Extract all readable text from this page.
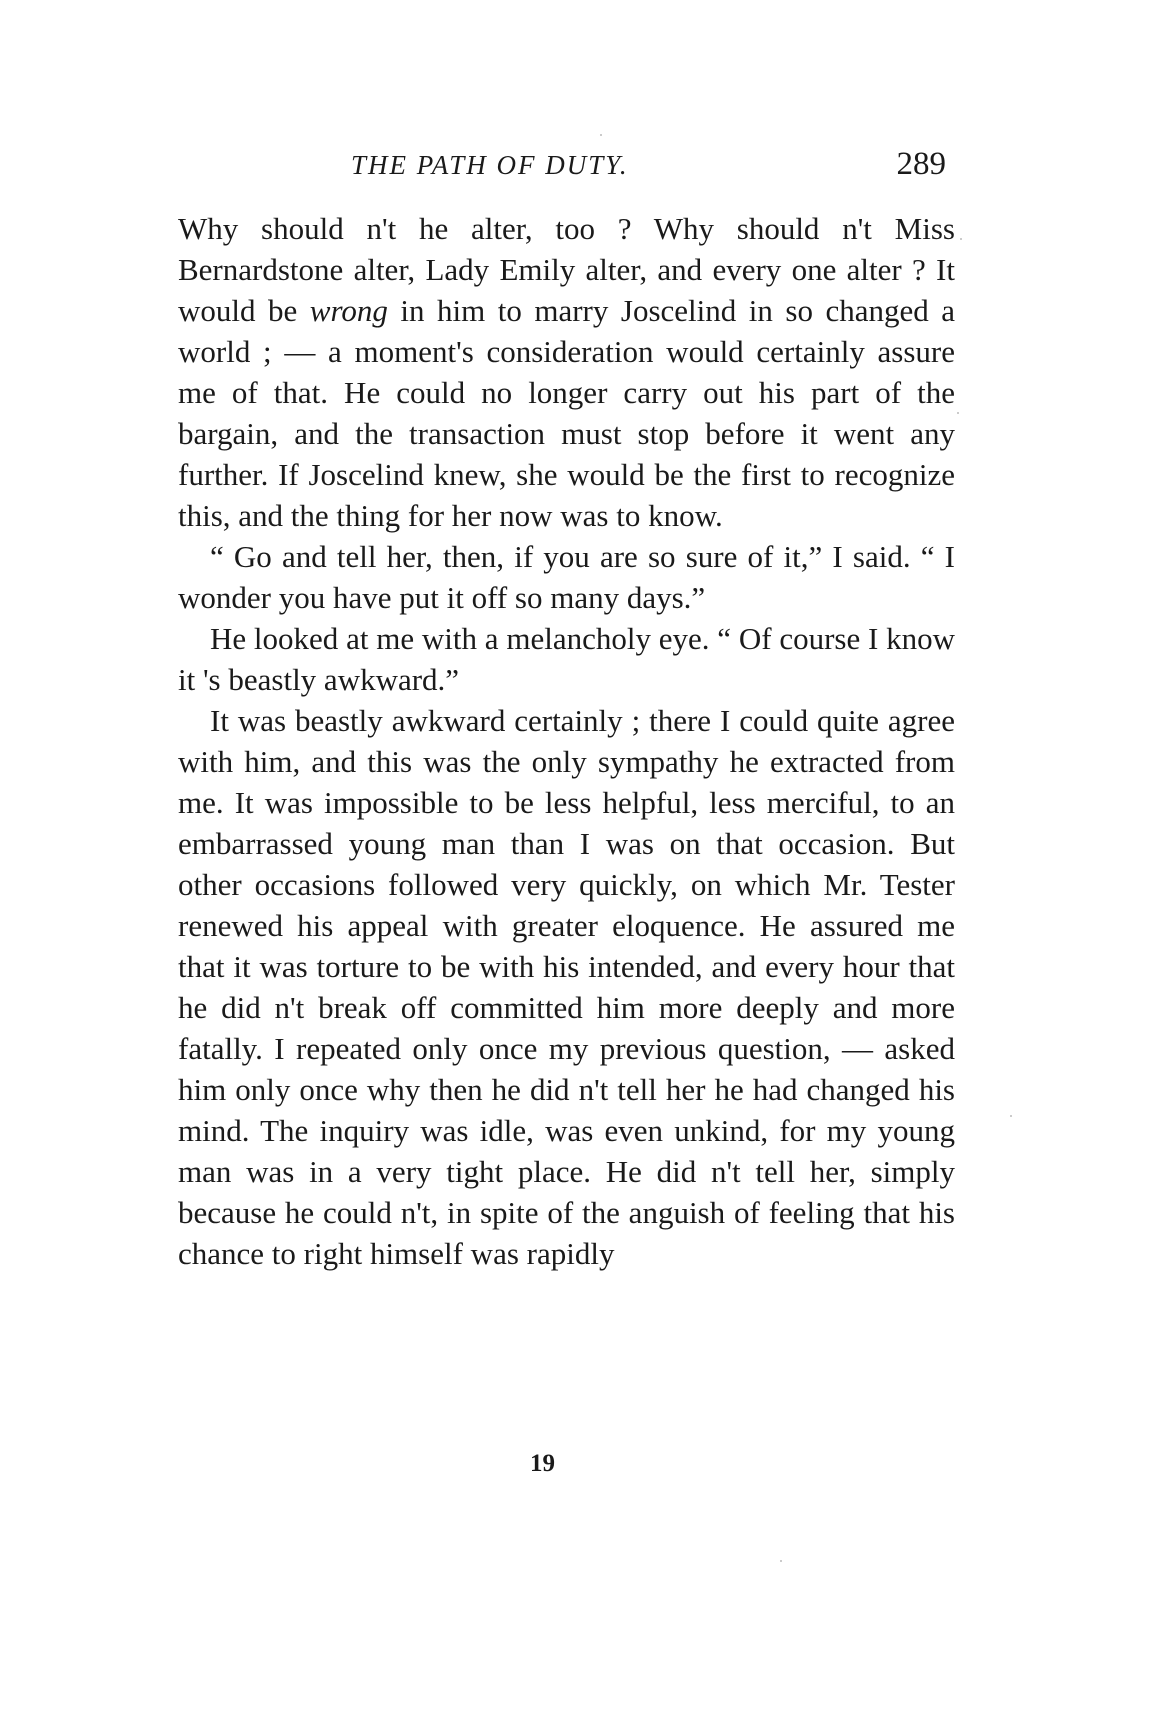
THE PATH OF DUTY.	289

Why should n't he alter, too ? Why should n't Miss Bernardstone alter, Lady Emily alter, and every one alter ? It would be wrong in him to marry Joscelind in so changed a world ; — a moment's consideration would certainly assure me of that. He could no longer carry out his part of the bargain, and the transaction must stop before it went any further. If Joscelind knew, she would be the first to recognize this, and the thing for her now was to know.

“ Go and tell her, then, if you are so sure of it,” I said. “ I wonder you have put it off so many days.”

He looked at me with a melancholy eye. “ Of course I know it 's beastly awkward.”

It was beastly awkward certainly ; there I could quite agree with him, and this was the only sympathy he extracted from me. It was impossible to be less helpful, less merciful, to an embarrassed young man than I was on that occasion. But other occasions followed very quickly, on which Mr. Tester renewed his appeal with greater eloquence. He assured me that it was torture to be with his intended, and every hour that he did n't break off committed him more deeply and more fatally. I repeated only once my previous question, — asked him only once why then he did n't tell her he had changed his mind. The inquiry was idle, was even unkind, for my young man was in a very tight place. He did n't tell her, simply because he could n't, in spite of the anguish of feeling that his chance to right himself was rapidly

19
